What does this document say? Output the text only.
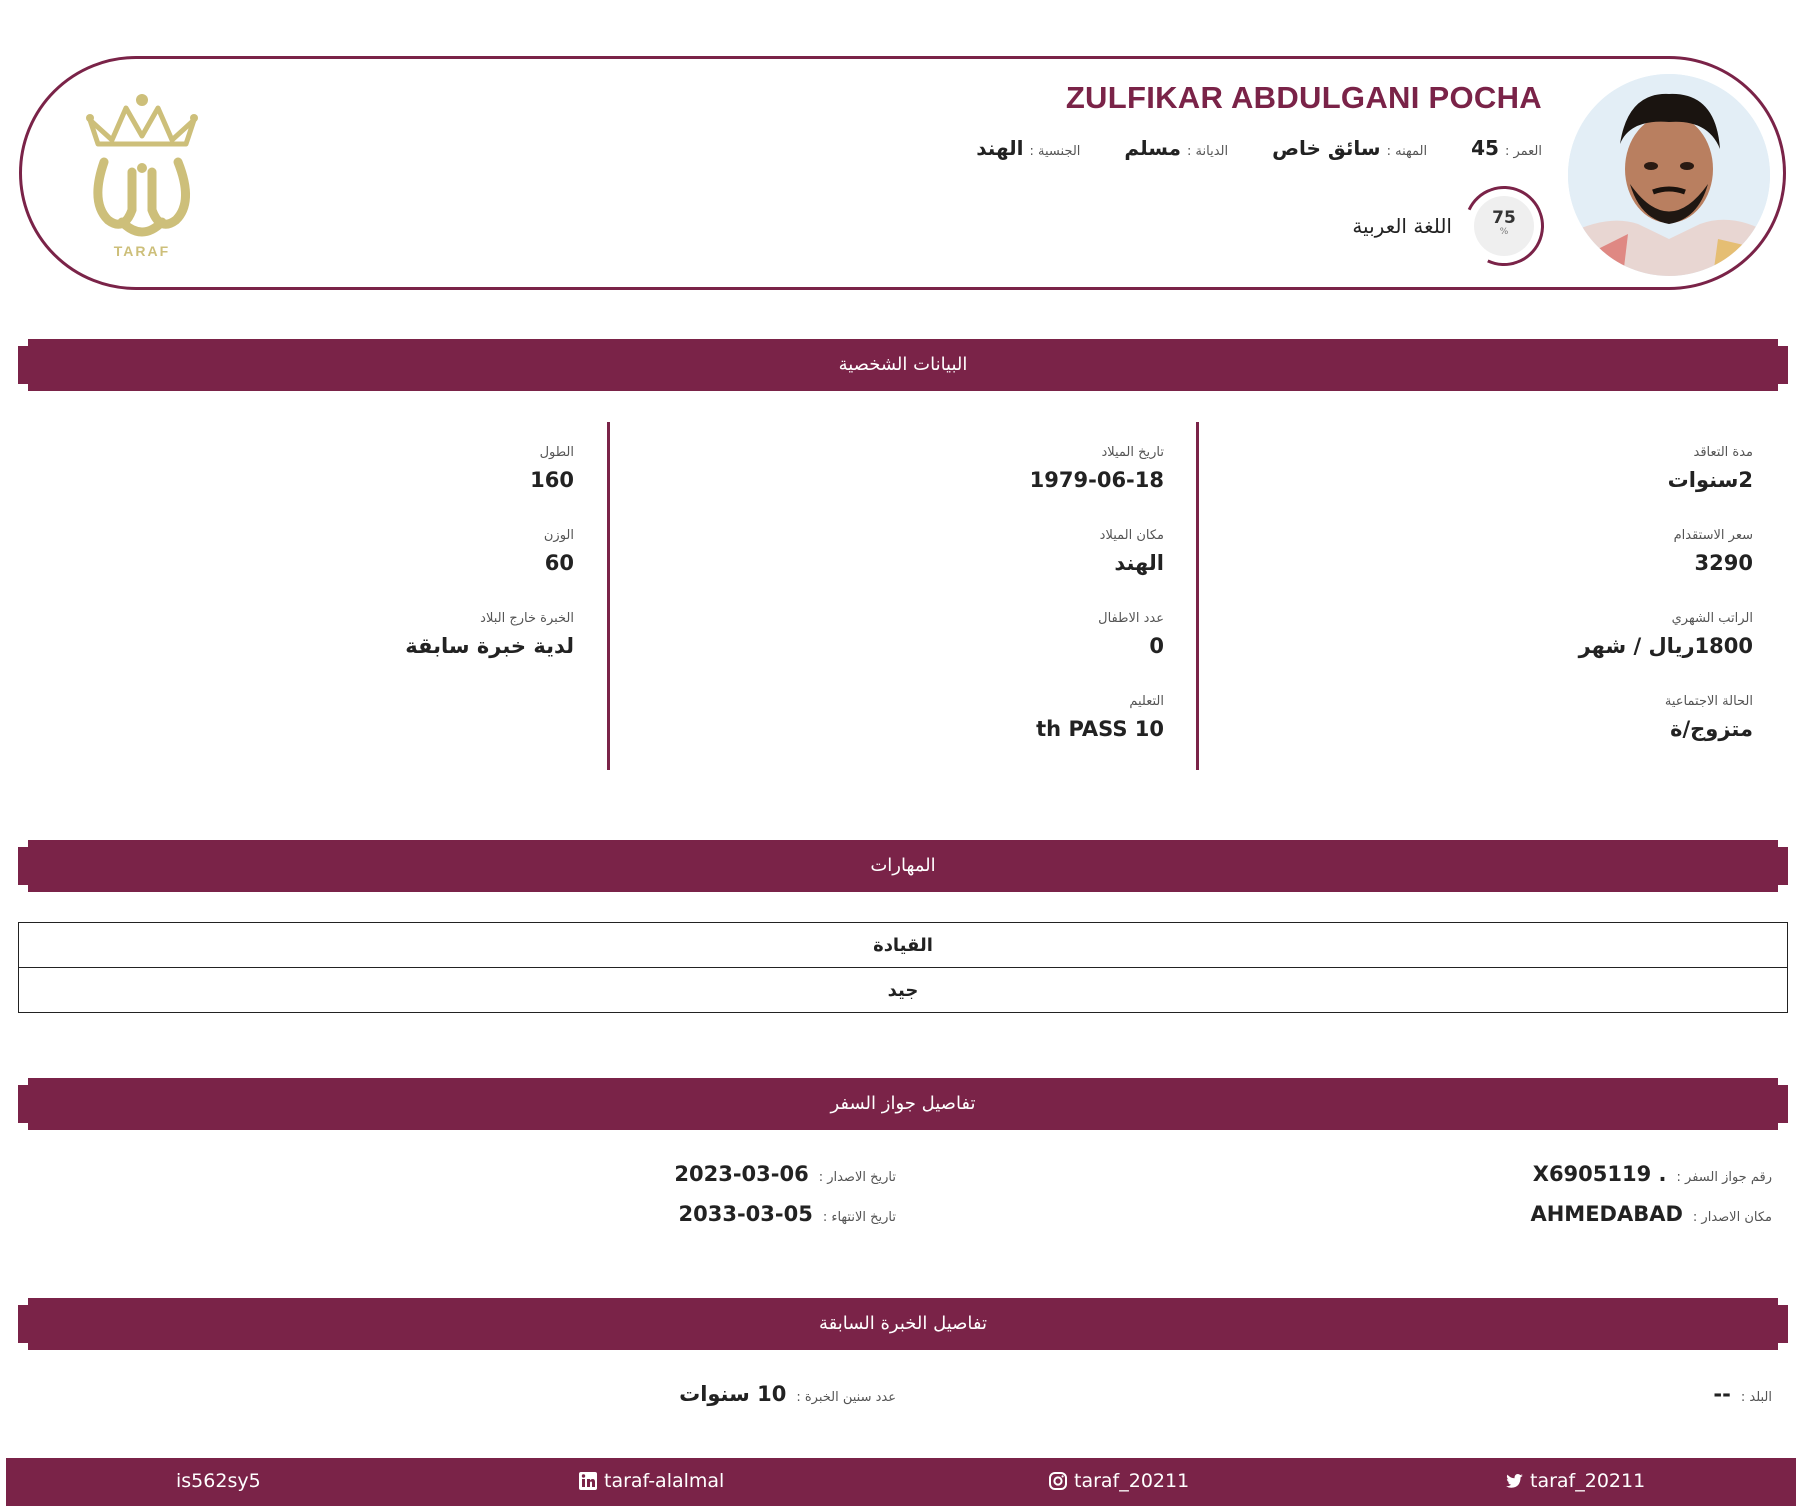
ZULFIKAR ABDULGANI POCHA
الجنسية :
الهند	الديانة :
مسلم	المهنه :
سائق خاص	العمر :
45
75
%
اللغة العربية
TARAF
البيانات الشخصية
مدة التعاقد
2سنوات
سعر الاستقدام
3290
الراتب الشهري
1800ريال / شهر
الحالة الاجتماعية
متزوج/ة
تاريخ الميلاد
1979-06-18
مكان الميلاد
الهند
عدد الاطفال
0
التعليم
th PASS 10
الطول
160
الوزن
60
الخبرة خارج البلاد
لدية خبرة سابقة
المهارات
القيادة
جيد
تفاصيل جواز السفر
رقم جواز السفر :
X6905119 .
مكان الاصدار :
AHMEDABAD
تاريخ الاصدار :
2023-03-06
تاريخ الانتهاء :
2033-03-05
تفاصيل الخبرة السابقة
البلد :
--
عدد سنين الخبرة :
10 سنوات
is562sy5	taraf-alalmal	taraf_20211	taraf_20211
